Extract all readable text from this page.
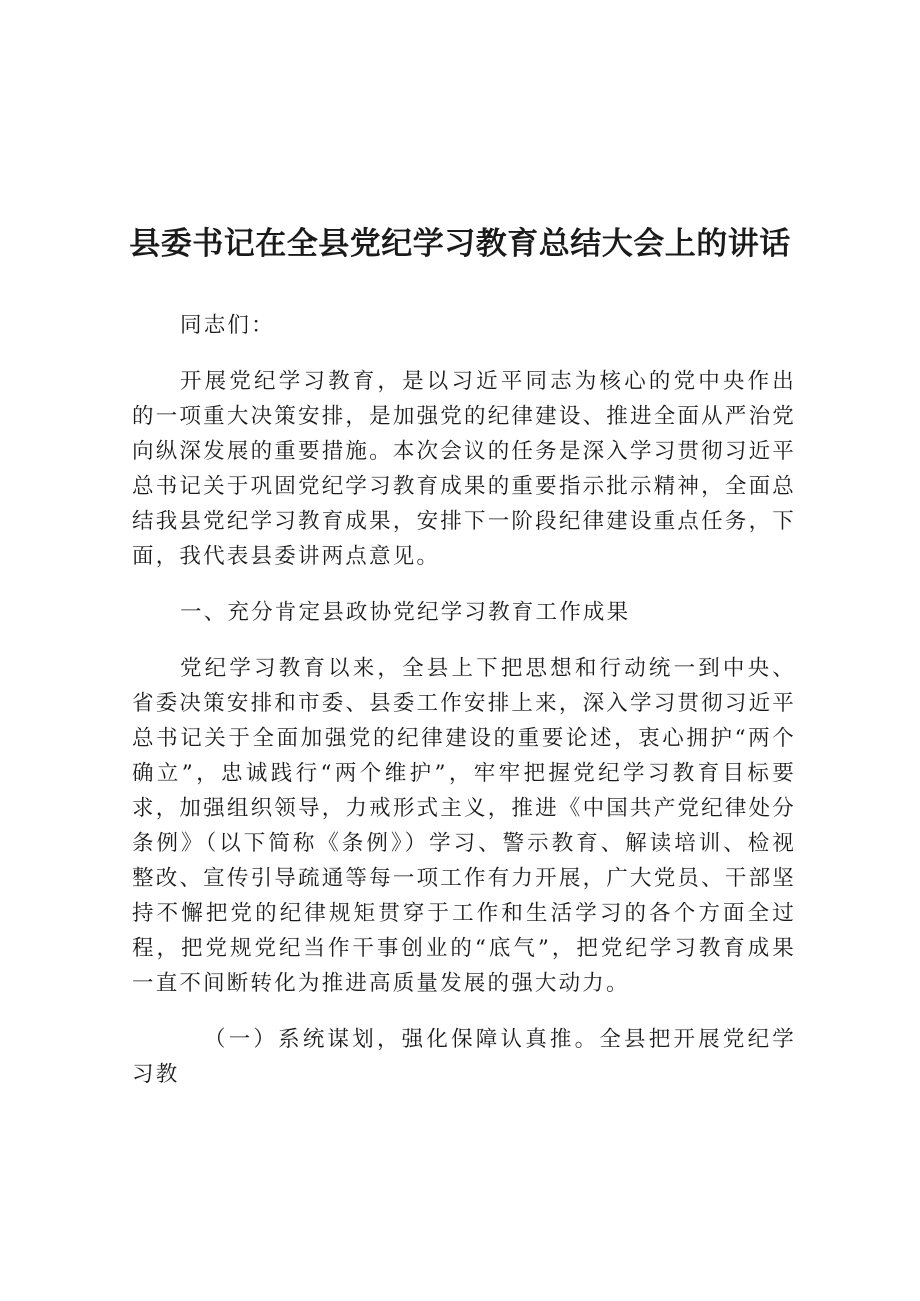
县委书记在全县党纪学习教育总结大会上的讲话

同志们：

开展党纪学习教育，是以习近平同志为核心的党中央作出的一项重大决策安排，是加强党的纪律建设、推进全面从严治党向纵深发展的重要措施。本次会议的任务是深入学习贯彻习近平总书记关于巩固党纪学习教育成果的重要指示批示精神，全面总结我县党纪学习教育成果，安排下一阶段纪律建设重点任务，下面，我代表县委讲两点意见。

一、充分肯定县政协党纪学习教育工作成果

党纪学习教育以来，全县上下把思想和行动统一到中央、省委决策安排和市委、县委工作安排上来，深入学习贯彻习近平总书记关于全面加强党的纪律建设的重要论述，衷心拥护“两个确立”，忠诚践行“两个维护”，牢牢把握党纪学习教育目标要求，加强组织领导，力戒形式主义，推进《中国共产党纪律处分条例》（以下简称《条例》）学习、警示教育、解读培训、检视整改、宣传引导疏通等每一项工作有力开展，广大党员、干部坚持不懈把党的纪律规矩贯穿于工作和生活学习的各个方面全过程，把党规党纪当作干事创业的“底气”，把党纪学习教育成果一直不间断转化为推进高质量发展的强大动力。

（一）系统谋划，强化保障认真推。全县把开展党纪学习教
